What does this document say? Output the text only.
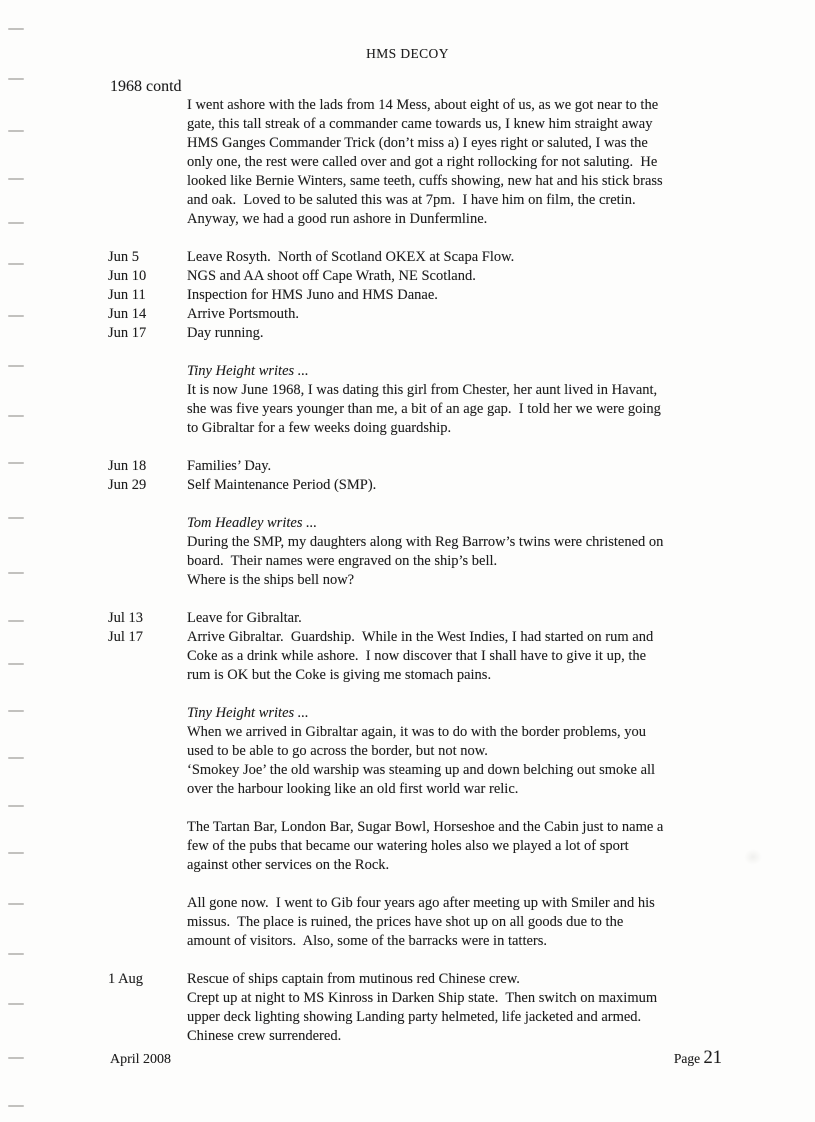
HMS DECOY
1968 contd
I went ashore with the lads from 14 Mess, about eight of us, as we got near to the
gate, this tall streak of a commander came towards us, I knew him straight away
HMS Ganges Commander Trick (don’t miss a) I eyes right or saluted, I was the
only one, the rest were called over and got a right rollocking for not saluting.  He
looked like Bernie Winters, same teeth, cuffs showing, new hat and his stick brass
and oak.  Loved to be saluted this was at 7pm.  I have him on film, the cretin.
Anyway, we had a good run ashore in Dunfermline.
Jun 5	Leave Rosyth.  North of Scotland OKEX at Scapa Flow.
Jun 10	NGS and AA shoot off Cape Wrath, NE Scotland.
Jun 11	Inspection for HMS Juno and HMS Danae.
Jun 14	Arrive Portsmouth.
Jun 17	Day running.
Tiny Height writes ...
It is now June 1968, I was dating this girl from Chester, her aunt lived in Havant,
she was five years younger than me, a bit of an age gap.  I told her we were going
to Gibraltar for a few weeks doing guardship.
Jun 18	Families’ Day.
Jun 29	Self Maintenance Period (SMP).
Tom Headley writes ...
During the SMP, my daughters along with Reg Barrow’s twins were christened on
board.  Their names were engraved on the ship’s bell.
Where is the ships bell now?
Jul 13	Leave for Gibraltar.
Jul 17	Arrive Gibraltar.  Guardship.  While in the West Indies, I had started on rum and
Coke as a drink while ashore.  I now discover that I shall have to give it up, the
rum is OK but the Coke is giving me stomach pains.
Tiny Height writes ...
When we arrived in Gibraltar again, it was to do with the border problems, you
used to be able to go across the border, but not now.
‘Smokey Joe’ the old warship was steaming up and down belching out smoke all
over the harbour looking like an old first world war relic.
The Tartan Bar, London Bar, Sugar Bowl, Horseshoe and the Cabin just to name a
few of the pubs that became our watering holes also we played a lot of sport
against other services on the Rock.
All gone now.  I went to Gib four years ago after meeting up with Smiler and his
missus.  The place is ruined, the prices have shot up on all goods due to the
amount of visitors.  Also, some of the barracks were in tatters.
1 Aug	Rescue of ships captain from mutinous red Chinese crew.
Crept up at night to MS Kinross in Darken Ship state.  Then switch on maximum
upper deck lighting showing Landing party helmeted, life jacketed and armed.
Chinese crew surrendered.
April 2008	Page 21
